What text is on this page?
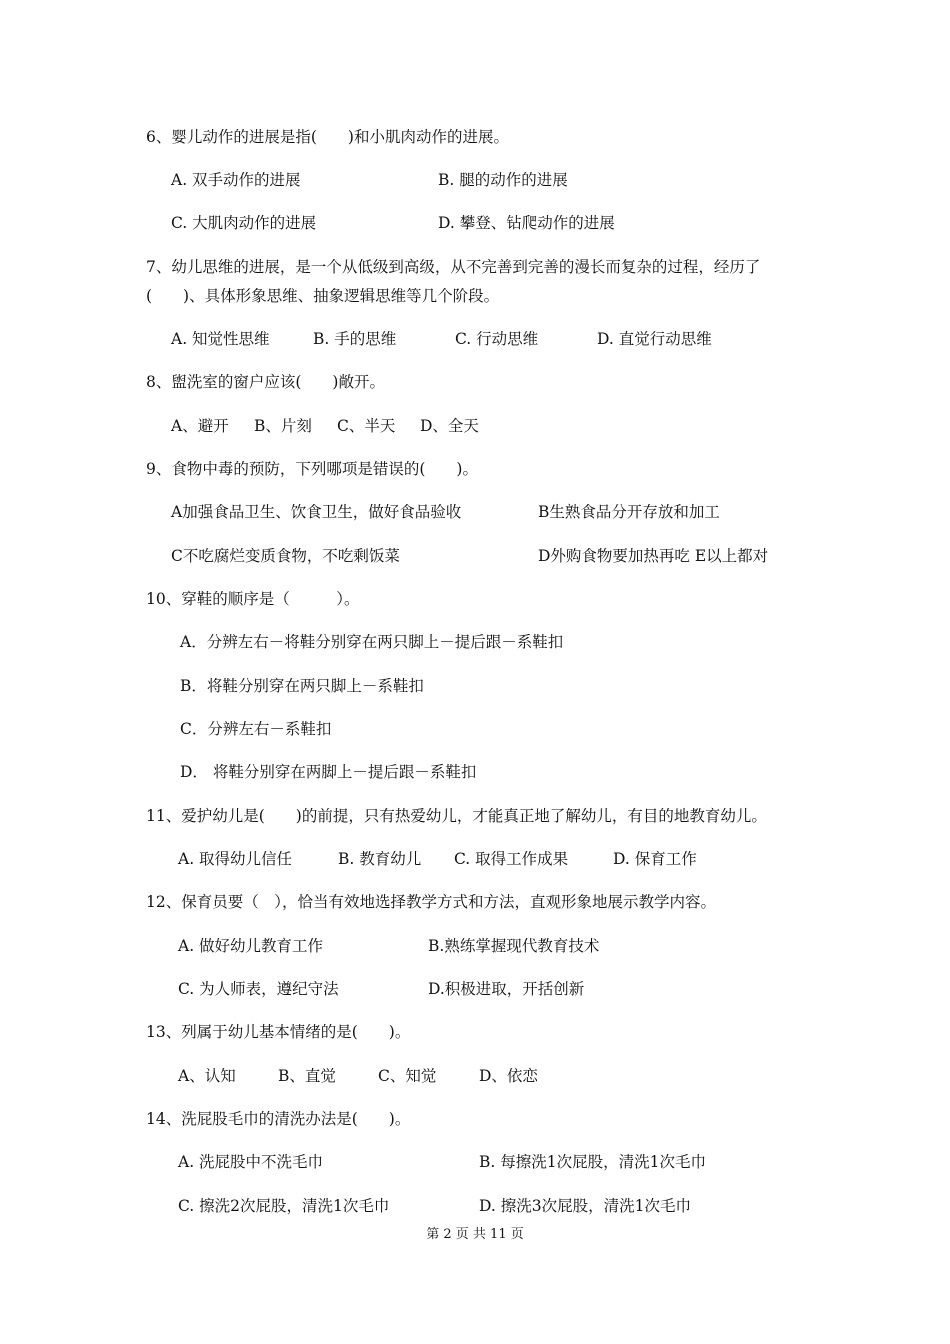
6、婴儿动作的进展是指(　　)和小肌肉动作的进展。
A. 双手动作的进展	B. 腿的动作的进展
C. 大肌肉动作的进展	D. 攀登、钻爬动作的进展
7、幼儿思维的进展，是一个从低级到高级，从不完善到完善的漫长而复杂的过程，经历了
(　　)、具体形象思维、抽象逻辑思维等几个阶段。
A. 知觉性思维	B. 手的思维	C. 行动思维	D. 直觉行动思维
8、盥洗室的窗户应该(　　)敞开。
A、避开 B、片刻 C、半天 D、全天
9、食物中毒的预防，下列哪项是错误的(　　)。
A加强食品卫生、饮食卫生，做好食品验收	B生熟食品分开存放和加工
C不吃腐烂变质食物，不吃剩饭菜	D外购食物要加热再吃 E以上都对
10、穿鞋的顺序是（　　　）。
A．分辨左右－将鞋分别穿在两只脚上－提后跟－系鞋扣
B．将鞋分别穿在两只脚上－系鞋扣
C．分辨左右－系鞋扣
D． 将鞋分别穿在两脚上－提后跟－系鞋扣
11、爱护幼儿是(　　)的前提，只有热爱幼儿，才能真正地了解幼儿，有目的地教育幼儿。
A. 取得幼儿信任	B. 教育幼儿 C. 取得工作成果	D. 保育工作
12、保育员要（　），恰当有效地选择教学方式和方法，直观形象地展示教学内容。
A. 做好幼儿教育工作	B.熟练掌握现代教育技术
C. 为人师表，遵纪守法	D.积极进取，开括创新
13、列属于幼儿基本情绪的是(　　)。
A、认知	B、直觉	C、知觉	D、依恋
14、洗屁股毛巾的清洗办法是(　　)。
A. 洗屁股中不洗毛巾	B. 每擦洗1次屁股，清洗1次毛巾
C. 擦洗2次屁股，清洗1次毛巾	D. 擦洗3次屁股，清洗1次毛巾
第 2 页 共 11 页
